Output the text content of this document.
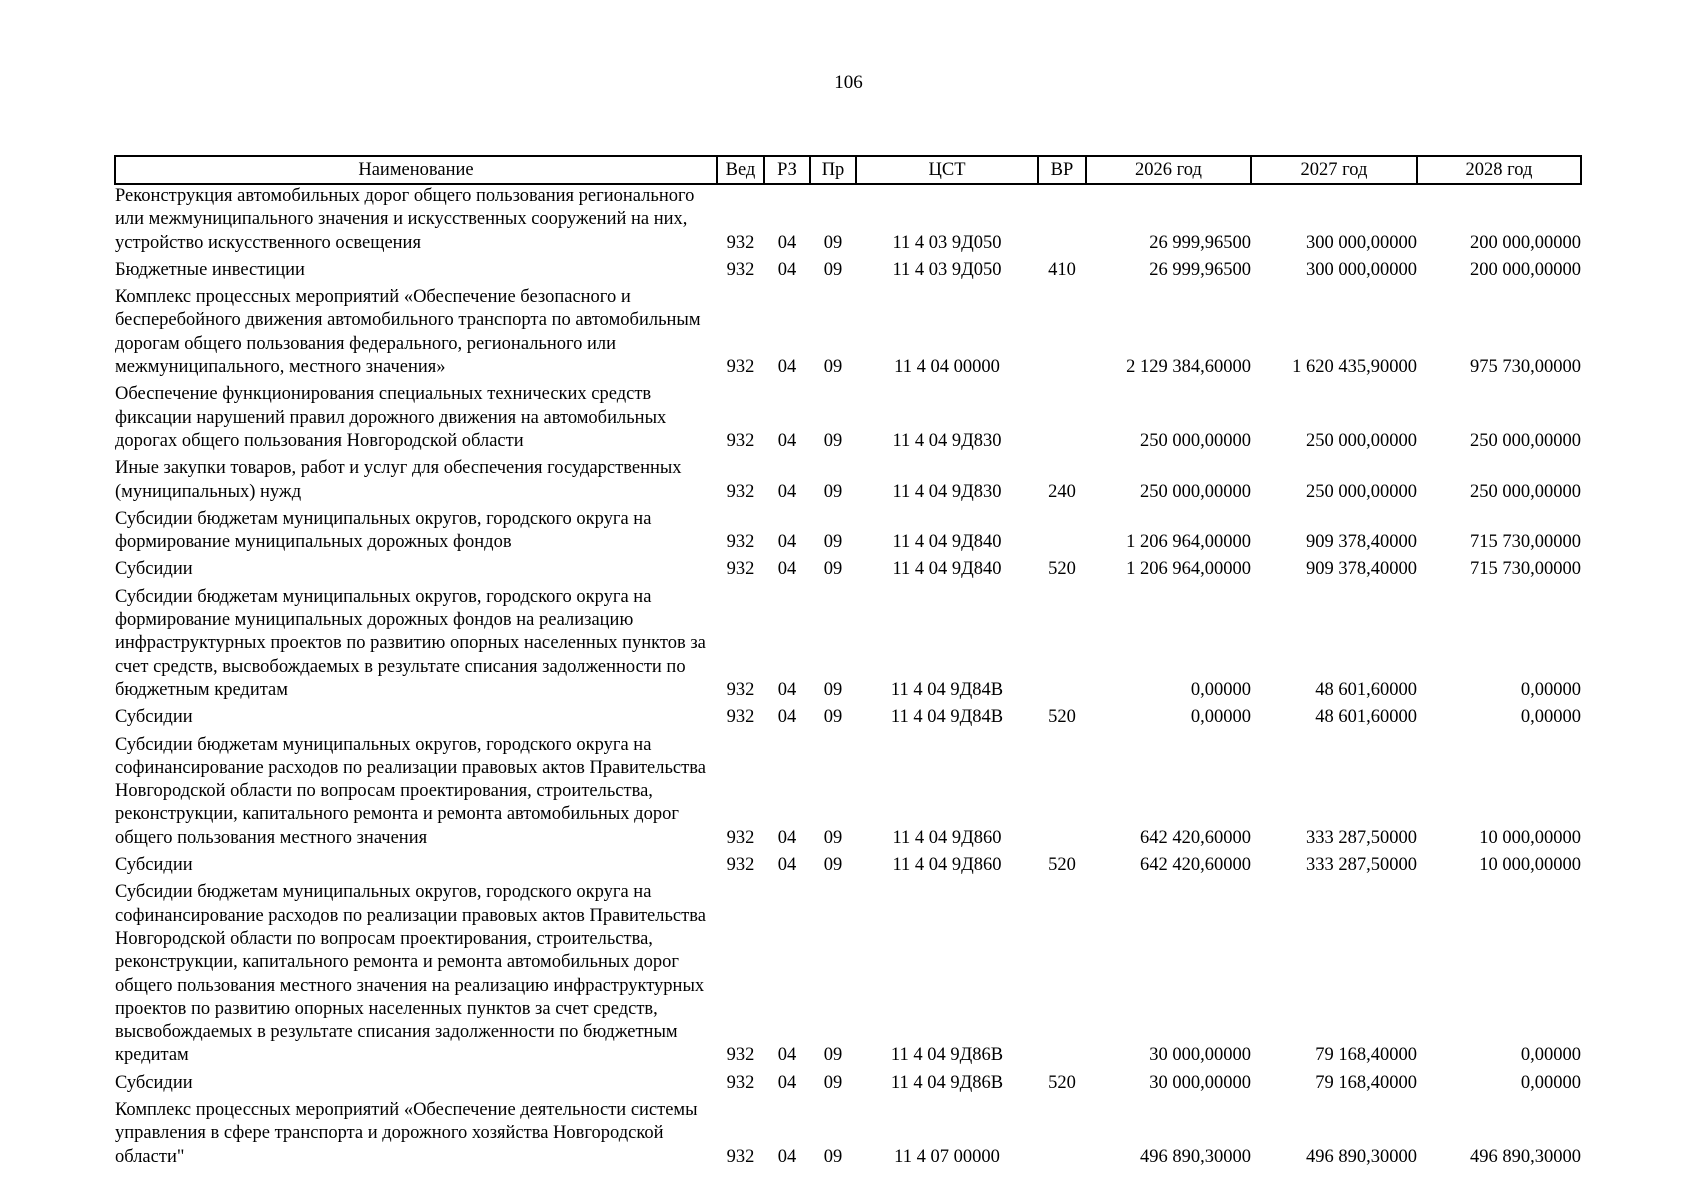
106
Наименование	Вед	РЗ	Пр	ЦСТ	ВР	2026 год	2027 год	2028 год
Реконструкция автомобильных дорог общего пользования регионального или межмуниципального значения и искусственных сооружений на них, устройство искусственного освещения	932	04	09	11 4 03 9Д050		26 999,96500	300 000,00000	200 000,00000
Бюджетные инвестиции	932	04	09	11 4 03 9Д050	410	26 999,96500	300 000,00000	200 000,00000
Комплекс процессных мероприятий «Обеспечение безопасного и бесперебойного движения автомобильного транспорта по автомобильным дорогам общего пользования федерального, регионального или межмуниципального, местного значения»	932	04	09	11 4 04 00000		2 129 384,60000	1 620 435,90000	975 730,00000
Обеспечение функционирования специальных технических средств фиксации нарушений правил дорожного движения на автомобильных дорогах общего пользования Новгородской области	932	04	09	11 4 04 9Д830		250 000,00000	250 000,00000	250 000,00000
Иные закупки товаров, работ и услуг для обеспечения государственных (муниципальных) нужд	932	04	09	11 4 04 9Д830	240	250 000,00000	250 000,00000	250 000,00000
Субсидии бюджетам муниципальных округов, городского округа на формирование муниципальных дорожных фондов	932	04	09	11 4 04 9Д840		1 206 964,00000	909 378,40000	715 730,00000
Субсидии	932	04	09	11 4 04 9Д840	520	1 206 964,00000	909 378,40000	715 730,00000
Субсидии бюджетам муниципальных округов, городского округа на формирование муниципальных дорожных фондов на реализацию инфраструктурных проектов по развитию опорных населенных пунктов за счет средств, высвобождаемых в результате списания задолженности по бюджетным кредитам	932	04	09	11 4 04 9Д84В		0,00000	48 601,60000	0,00000
Субсидии	932	04	09	11 4 04 9Д84В	520	0,00000	48 601,60000	0,00000
Субсидии бюджетам муниципальных округов, городского округа на софинансирование расходов по реализации правовых актов Правительства Новгородской области по вопросам проектирования, строительства, реконструкции, капитального ремонта и ремонта автомобильных дорог общего пользования местного значения	932	04	09	11 4 04 9Д860		642 420,60000	333 287,50000	10 000,00000
Субсидии	932	04	09	11 4 04 9Д860	520	642 420,60000	333 287,50000	10 000,00000
Субсидии бюджетам муниципальных округов, городского округа на софинансирование расходов по реализации правовых актов Правительства Новгородской области по вопросам проектирования, строительства, реконструкции, капитального ремонта и ремонта автомобильных дорог общего пользования местного значения на реализацию инфраструктурных проектов по развитию опорных населенных пунктов за счет средств, высвобождаемых в результате списания задолженности по бюджетным кредитам	932	04	09	11 4 04 9Д86В		30 000,00000	79 168,40000	0,00000
Субсидии	932	04	09	11 4 04 9Д86В	520	30 000,00000	79 168,40000	0,00000
Комплекс процессных мероприятий «Обеспечение деятельности системы управления в сфере транспорта и дорожного хозяйства Новгородской области"	932	04	09	11 4 07 00000		496 890,30000	496 890,30000	496 890,30000
